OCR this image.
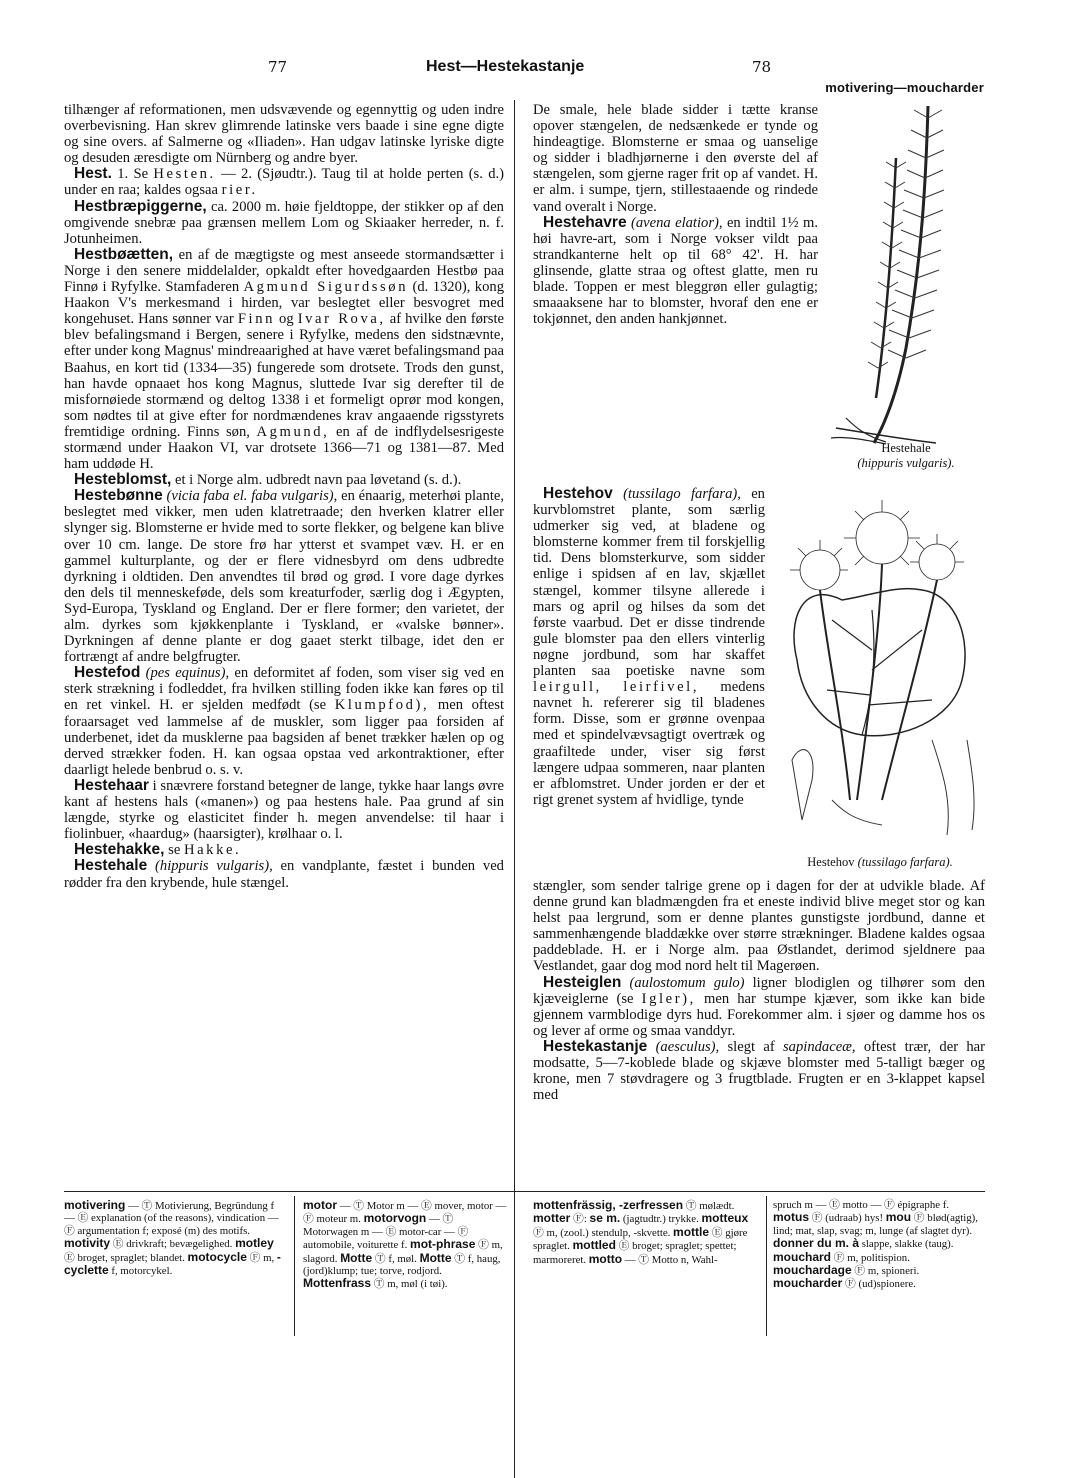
77	Hest—Hestekastanje	78
motivering—moucharder

tilhænger af reformationen, men udsvævende og egennyttig og uden indre overbevisning. Han skrev glimrende latinske vers baade i sine egne digte og sine overs. af Salmerne og «Iliaden». Han udgav latinske lyriske digte og desuden æresdigte om Nürnberg og andre byer.

Hest. 1. Se Hesten. — 2. (Sjøudtr.). Taug til at holde perten (s. d.) under en raa; kaldes ogsaa rier.

Hestbræpiggerne, ca. 2000 m. høie fjeldtoppe, der stikker op af den omgivende snebræ paa grænsen mellem Lom og Skiaaker herreder, n. f. Jotunheimen.

Hestbøætten, en af de mægtigste og mest anseede stormandsætter i Norge i den senere middelalder, opkaldt efter hovedgaarden Hestbø paa Finnø i Ryfylke. Stamfaderen Agmund Sigurdssøn (d. 1320), kong Haakon V's merkesmand i hirden, var beslegtet eller besvogret med kongehuset. Hans sønner var Finn og Ivar Rova, af hvilke den første blev befalingsmand i Bergen, senere i Ryfylke, medens den sidstnævnte, efter under kong Magnus' mindreaarighed at have været befalingsmand paa Baahus, en kort tid (1334—35) fungerede som drotsete. Trods den gunst, han havde opnaaet hos kong Magnus, sluttede Ivar sig derefter til de misfornøiede stormænd og deltog 1338 i et formeligt oprør mod kongen, som nødtes til at give efter for nordmændenes krav angaaende rigsstyrets fremtidige ordning. Finns søn, Agmund, en af de indflydelsesrigeste stormænd under Haakon VI, var drotsete 1366—71 og 1381—87. Med ham uddøde H.

Hesteblomst, et i Norge alm. udbredt navn paa løvetand (s. d.).

Hestebønne (vicia faba el. faba vulgaris), en énaarig, meterhøi plante, beslegtet med vikker, men uden klatretraade; den hverken klatrer eller slynger sig. Blomsterne er hvide med to sorte flekker, og belgene kan blive over 10 cm. lange. De store frø har ytterst et svampet væv. H. er en gammel kulturplante, og der er flere vidnesbyrd om dens udbredte dyrkning i oldtiden. Den anvendtes til brød og grød. I vore dage dyrkes den dels til menneskeføde, dels som kreaturfoder, særlig dog i Ægypten, Syd-Europa, Tyskland og England. Der er flere former; den varietet, der alm. dyrkes som kjøkkenplante i Tyskland, er «valske bønner». Dyrkningen af denne plante er dog gaaet sterkt tilbage, idet den er fortrængt af andre belgfrugter.

Hestefod (pes equinus), en deformitet af foden, som viser sig ved en sterk strækning i fodleddet, fra hvilken stilling foden ikke kan føres op til en ret vinkel. H. er sjelden medfødt (se Klumpfod), men oftest foraarsaget ved lammelse af de muskler, som ligger paa forsiden af underbenet, idet da musklerne paa bagsiden af benet trækker hælen op og derved strækker foden. H. kan ogsaa opstaa ved arkontraktioner, efter daarligt helede benbrud o. s. v.

Hestehaar i snævrere forstand betegner de lange, tykke haar langs øvre kant af hestens hals («manen») og paa hestens hale. Paa grund af sin længde, styrke og elasticitet finder h. megen anvendelse: til haar i fiolinbuer, «haardug» (haarsigter), krølhaar o. l.

Hestehakke, se Hakke.

Hestehale (hippuris vulgaris), en vandplante, fæstet i bunden ved rødder fra den krybende, hule stængel.

De smale, hele blade sidder i tætte kranse opover stængelen, de nedsænkede er tynde og hindeagtige. Blomsterne er smaa og uanselige og sidder i bladhjørnerne i den øverste del af stængelen, som gjerne rager frit op af vandet. H. er alm. i sumpe, tjern, stillestaaende og rindede vand overalt i Norge.

Hestehavre (avena elatior), en indtil 1½ m. høi havre-art, som i Norge vokser vildt paa strandkanterne helt op til 68° 42'. H. har glinsende, glatte straa og oftest glatte, men ru blade. Toppen er mest bleggrøn eller gulagtig; smaaaksene har to blomster, hvoraf den ene er tokjønnet, den anden hankjønnet.

Hestehov (tussilago farfara), en kurvblomstret plante, som særlig udmerker sig ved, at bladene og blomsterne kommer frem til forskjellig tid. Dens blomsterkurve, som sidder enlige i spidsen af en lav, skjællet stængel, kommer tilsyne allerede i mars og april og hilses da som det første vaarbud. Det er disse tindrende gule blomster paa den ellers vinterlig nøgne jordbund, som har skaffet planten saa poetiske navne som leirgull, leirfivel, medens navnet h. refererer sig til bladenes form. Disse, som er grønne ovenpaa med et spindelvævsagtigt overtræk og graafiltede under, viser sig først længere udpaa sommeren, naar planten er afblomstret. Under jorden er der et rigt grenet system af hvidlige, tynde

stængler, som sender talrige grene op i dagen for der at udvikle blade. Af denne grund kan bladmængden fra et eneste individ blive meget stor og kan helst paa lergrund, som er denne plantes gunstigste jordbund, danne et sammenhængende bladdække over større strækninger. Bladene kaldes ogsaa paddeblade. H. er i Norge alm. paa Østlandet, derimod sjeldnere paa Vestlandet, gaar dog mod nord helt til Magerøen.

Hesteiglen (aulostomum gulo) ligner blodiglen og tilhører som den kjæveiglerne (se Igler), men har stumpe kjæver, som ikke kan bide gjennem varmblodige dyrs hud. Forekommer alm. i sjøer og damme hos os og lever af orme og smaa vanddyr.

Hestekastanje (aesculus), slegt af sapindaceæ, oftest trær, der har modsatte, 5—7-koblede blade og skjæve blomster med 5-talligt bæger og krone, men 7 støvdragere og 3 frugtblade. Frugten er en 3-klappet kapsel med

Hestehale
(hippuris vulgaris).
Hestehov (tussilago farfara).
motivering — Ⓣ Motivierung, Begründung f — Ⓔ explanation (of the reasons), vindication — Ⓕ argumentation f; exposé (m) des motifs. motivity Ⓔ drivkraft; bevægelighed. motley Ⓔ broget, spraglet; blandet. motocycle Ⓕ m, -cyclette f, motorcykel.
motor — Ⓣ Motor m — Ⓔ mover, motor — Ⓕ moteur m. motorvogn — Ⓣ Motorwagen m — Ⓔ motor-car — Ⓕ automobile, voiturette f. mot-phrase Ⓕ m, slagord. Motte Ⓣ f, møl. Motte Ⓣ f, haug, (jord)klump; tue; torve, rodjord. Mottenfrass Ⓣ m, møl (i tøi).
mottenfrässig, -zerfressen Ⓣ mølædt. motter Ⓕ: se m. (jagtudtr.) trykke. motteux Ⓕ m, (zool.) stendulp, -skvette. mottle Ⓔ gjøre spraglet. mottled Ⓔ broget; spraglet; spettet; marmoreret. motto — Ⓣ Motto n, Wahl-
spruch m — Ⓔ motto — Ⓕ épigraphe f. motus Ⓕ (udraab) hys! mou Ⓕ blød(agtig), lind; mat, slap, svag; m, lunge (af slagtet dyr). donner du m. à slappe, slakke (taug). mouchard Ⓕ m, politispion. mouchardage Ⓕ m, spioneri. moucharder Ⓕ (ud)spionere.
